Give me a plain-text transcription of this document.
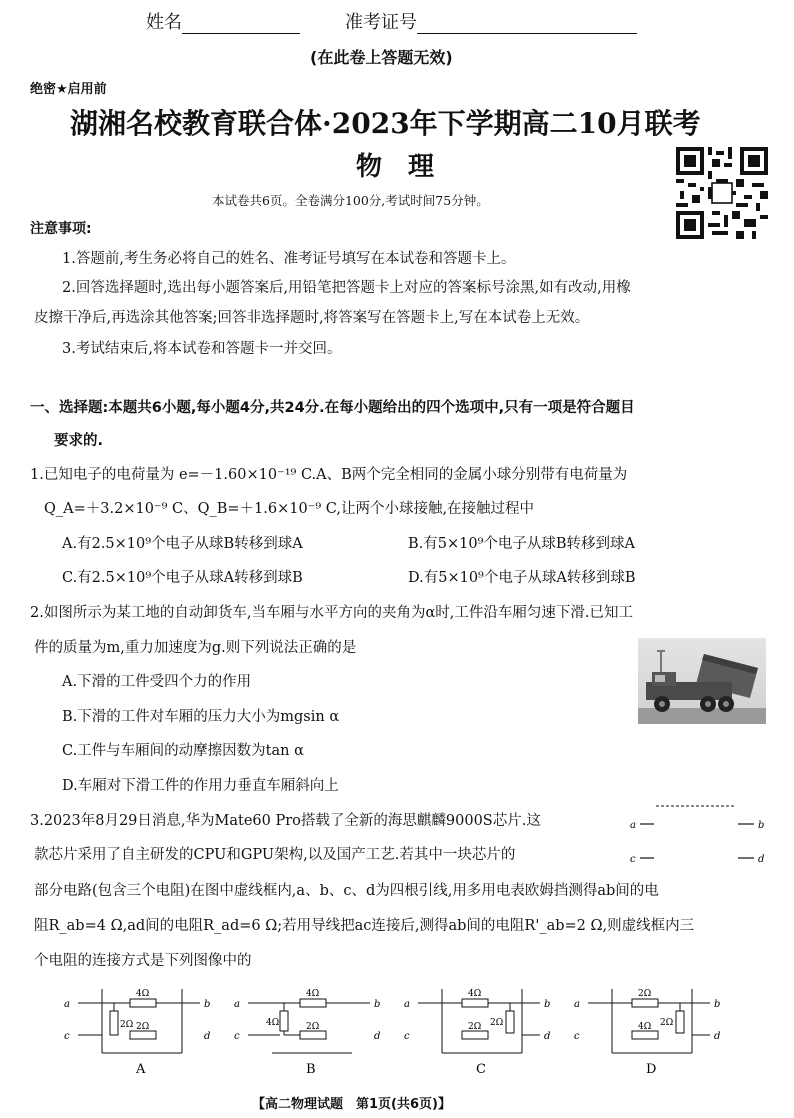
姓名	准考证号
(在此卷上答题无效)
绝密★启用前
湖湘名校教育联合体·2023年下学期高二10月联考
物　理
本试卷共6页。全卷满分100分,考试时间75分钟。
注意事项:
1.答题前,考生务必将自己的姓名、准考证号填写在本试卷和答题卡上。
2.回答选择题时,选出每小题答案后,用铅笔把答题卡上对应的答案标号涂黑,如有改动,用橡
皮擦干净后,再选涂其他答案;回答非选择题时,将答案写在答题卡上,写在本试卷上无效。
3.考试结束后,将本试卷和答题卡一并交回。
一、选择题:本题共6小题,每小题4分,共24分.在每小题给出的四个选项中,只有一项是符合题目
要求的.
1.已知电子的电荷量为 e=－1.60×10⁻¹⁹ C.A、B两个完全相同的金属小球分别带有电荷量为
Q_A=＋3.2×10⁻⁹ C、Q_B=＋1.6×10⁻⁹ C,让两个小球接触,在接触过程中
A.有2.5×10⁹个电子从球B转移到球A	B.有5×10⁹个电子从球B转移到球A
C.有2.5×10⁹个电子从球A转移到球B	D.有5×10⁹个电子从球A转移到球B
2.如图所示为某工地的自动卸货车,当车厢与水平方向的夹角为α时,工件沿车厢匀速下滑.已知工
件的质量为m,重力加速度为g.则下列说法正确的是
A.下滑的工件受四个力的作用
B.下滑的工件对车厢的压力大小为mgsin α
C.工件与车厢间的动摩擦因数为tan α
D.车厢对下滑工件的作用力垂直车厢斜向上
3.2023年8月29日消息,华为Mate60 Pro搭载了全新的海思麒麟9000S芯片.这
款芯片采用了自主研发的CPU和GPU架构,以及国产工艺.若其中一块芯片的
部分电路(包含三个电阻)在图中虚线框内,a、b、c、d为四根引线,用多用电表欧姆挡测得ab间的电
阻R_ab=4 Ω,ad间的电阻R_ad=6 Ω;若用导线把ac连接后,测得ab间的电阻R'_ab=2 Ω,则虚线框内三
个电阻的连接方式是下列图像中的
a	b
c	d
4Ω
2Ω 2Ω
a	b
c	d
A
4Ω
4Ω	2Ω
a	b
c	d
B
4Ω
2Ω
2Ω
a	b
c	d
C
2Ω
2Ω
4Ω
a	b
c	d
D
【高二物理试题　第1页(共6页)】
